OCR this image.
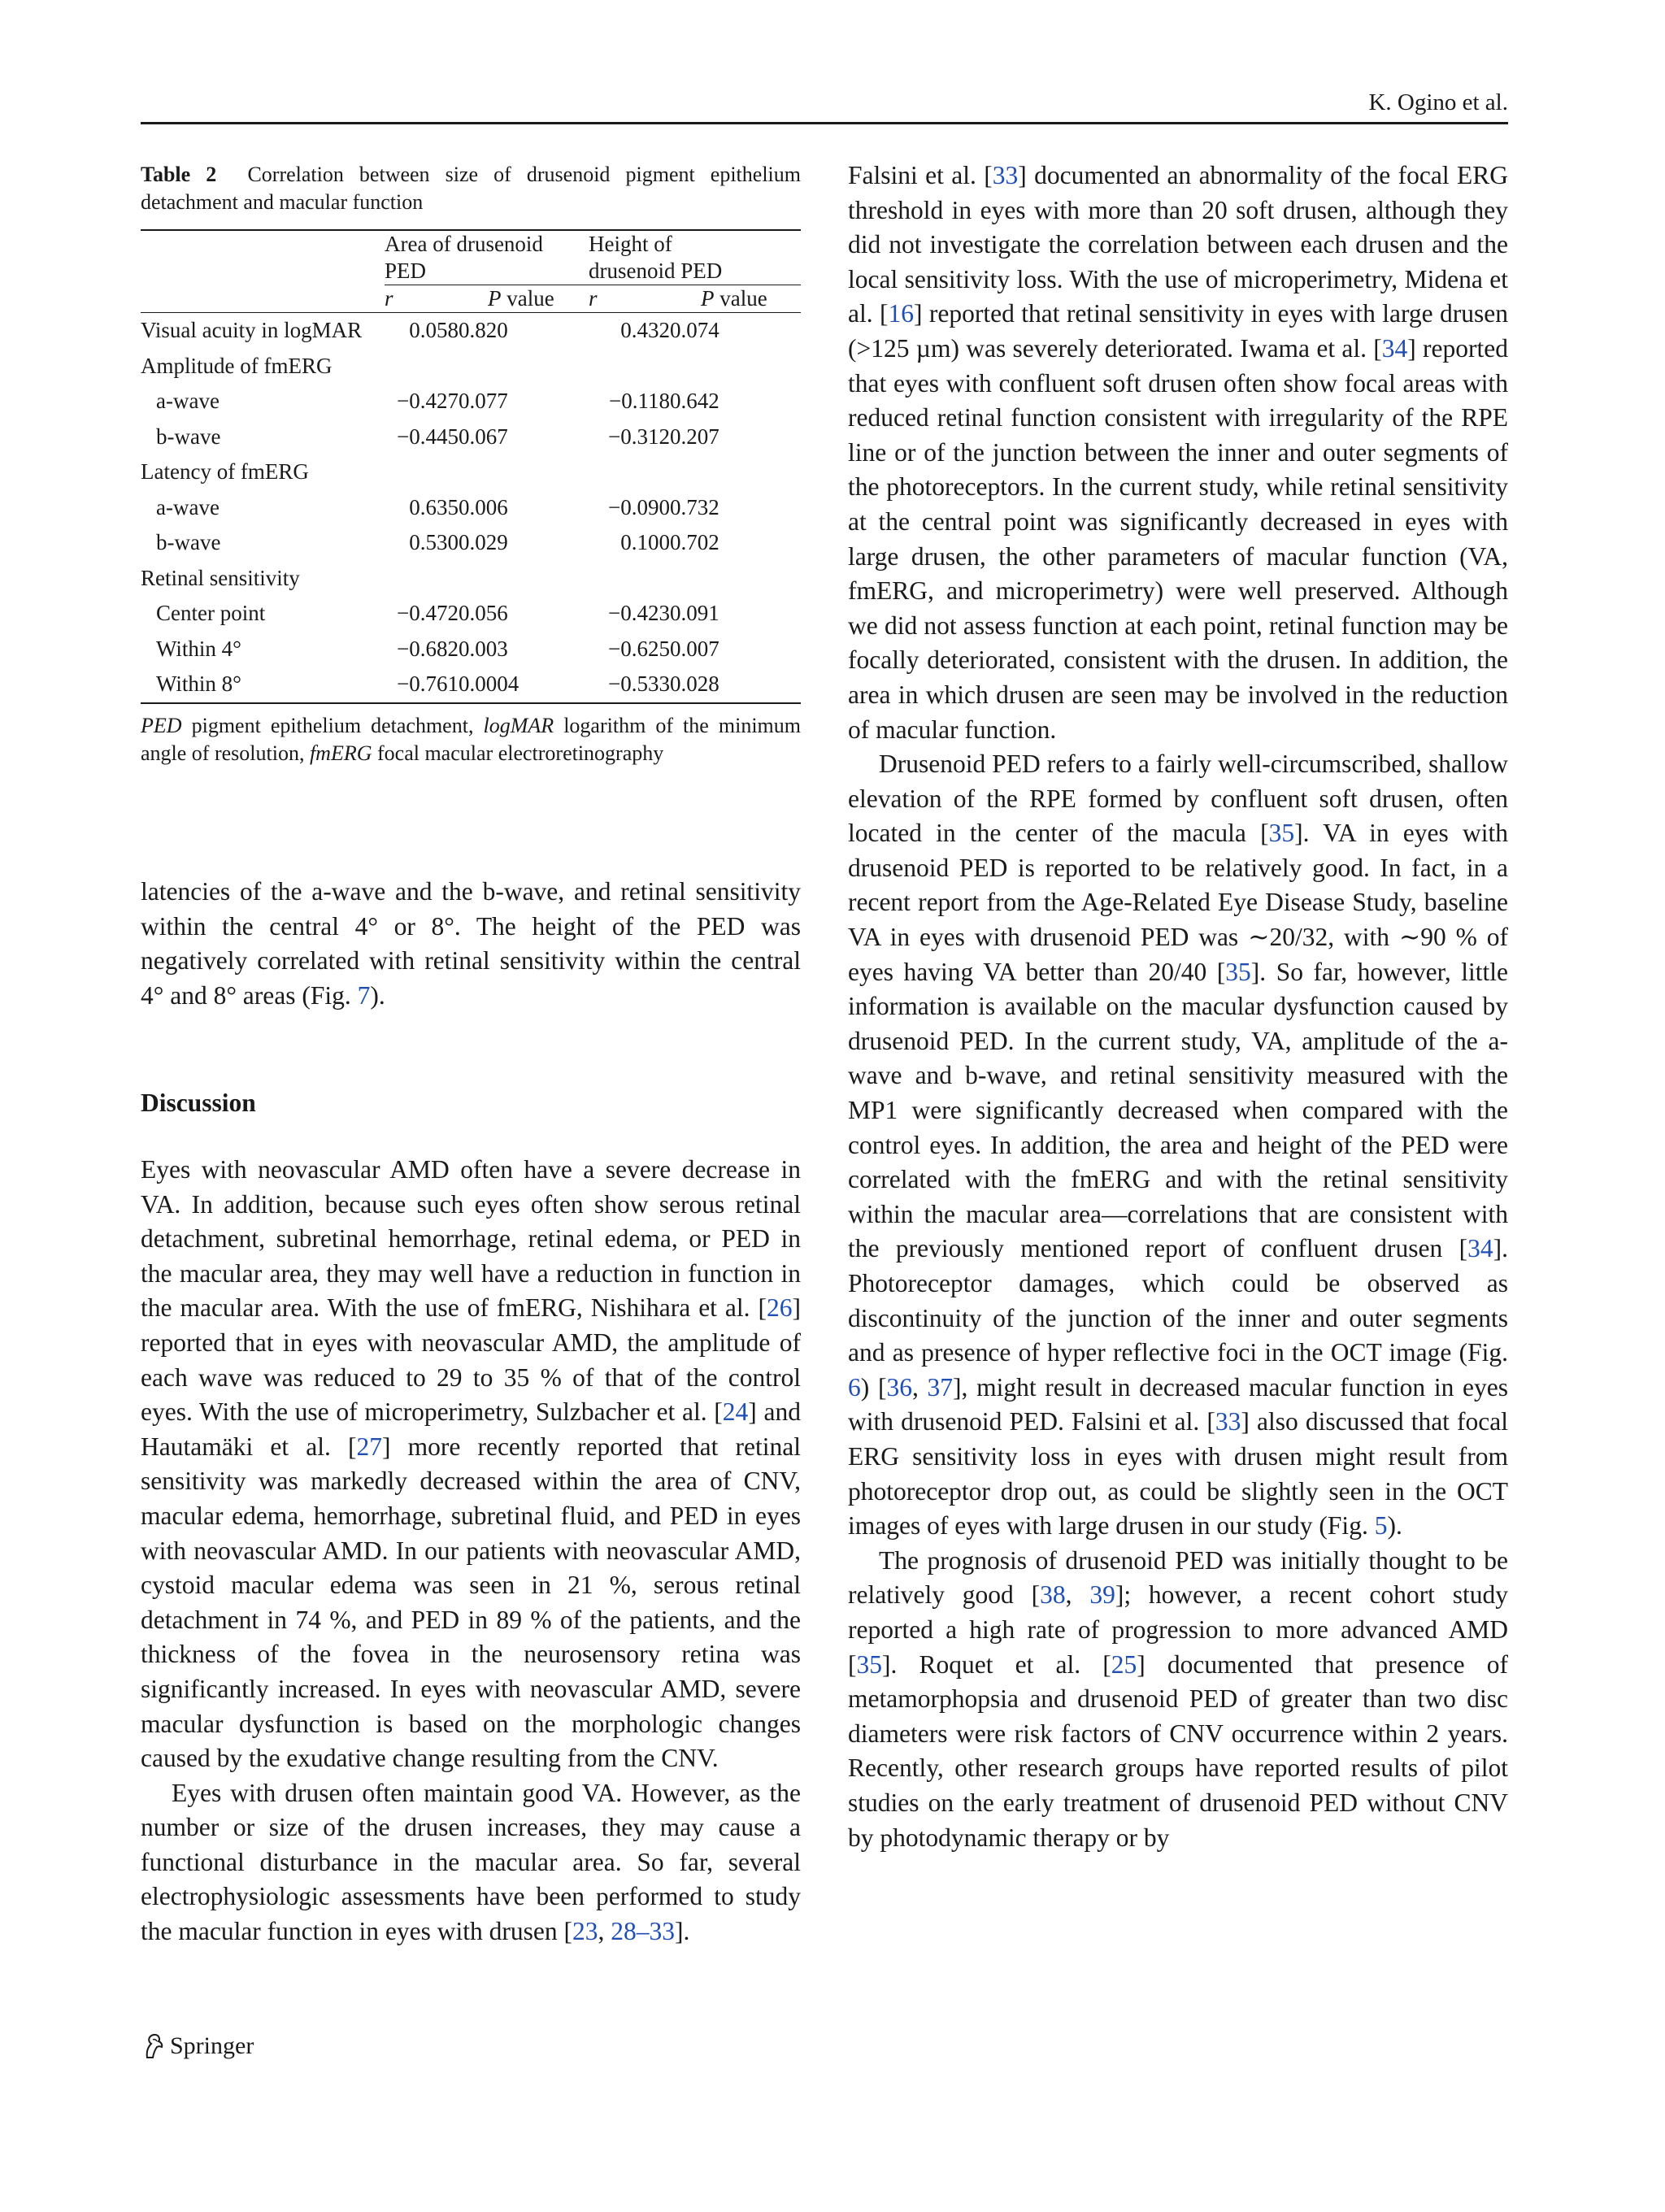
K. Ogino et al.
Table 2 Correlation between size of drusenoid pigment epithelium detachment and macular function

	Area of drusenoid
PED		Height of
drusenoid PED	
	r	P value	r	P value
Visual acuity in logMAR	0.058	0.820	0.432	0.074
Amplitude of fmERG				
a-wave	−0.427	0.077	−0.118	0.642
b-wave	−0.445	0.067	−0.312	0.207
Latency of fmERG				
a-wave	0.635	0.006	−0.090	0.732
b-wave	0.530	0.029	0.100	0.702
Retinal sensitivity				
Center point	−0.472	0.056	−0.423	0.091
Within 4°	−0.682	0.003	−0.625	0.007
Within 8°	−0.761	0.0004	−0.533	0.028
PED pigment epithelium detachment, logMAR logarithm of the minimum angle of resolution, fmERG focal macular electroretinography

latencies of the a-wave and the b-wave, and retinal sensitivity within the central 4° or 8°. The height of the PED was negatively correlated with retinal sensitivity within the central 4° and 8° areas (Fig. 7).

Discussion

Eyes with neovascular AMD often have a severe decrease in VA. In addition, because such eyes often show serous retinal detachment, subretinal hemorrhage, retinal edema, or PED in the macular area, they may well have a reduction in function in the macular area. With the use of fmERG, Nishihara et al. [26] reported that in eyes with neovascular AMD, the amplitude of each wave was reduced to 29 to 35 % of that of the control eyes. With the use of microperimetry, Sulzbacher et al. [24] and Hautamäki et al. [27] more recently reported that retinal sensitivity was markedly decreased within the area of CNV, macular edema, hemorrhage, subretinal fluid, and PED in eyes with neovascular AMD. In our patients with neovascular AMD, cystoid macular edema was seen in 21 %, serous retinal detachment in 74 %, and PED in 89 % of the patients, and the thickness of the fovea in the neurosensory retina was significantly increased. In eyes with neovascular AMD, severe macular dysfunction is based on the morphologic changes caused by the exudative change resulting from the CNV.

Eyes with drusen often maintain good VA. However, as the number or size of the drusen increases, they may cause a functional disturbance in the macular area. So far, several electrophysiologic assessments have been performed to study the macular function in eyes with drusen [23, 28–33].

Falsini et al. [33] documented an abnormality of the focal ERG threshold in eyes with more than 20 soft drusen, although they did not investigate the correlation between each drusen and the local sensitivity loss. With the use of microperimetry, Midena et al. [16] reported that retinal sensitivity in eyes with large drusen (>125 µm) was severely deteriorated. Iwama et al. [34] reported that eyes with confluent soft drusen often show focal areas with reduced retinal function consistent with irregularity of the RPE line or of the junction between the inner and outer segments of the photoreceptors. In the current study, while retinal sensitivity at the central point was significantly decreased in eyes with large drusen, the other parameters of macular function (VA, fmERG, and microperimetry) were well preserved. Although we did not assess function at each point, retinal function may be focally deteriorated, consistent with the drusen. In addition, the area in which drusen are seen may be involved in the reduction of macular function.

Drusenoid PED refers to a fairly well-circumscribed, shallow elevation of the RPE formed by confluent soft drusen, often located in the center of the macula [35]. VA in eyes with drusenoid PED is reported to be relatively good. In fact, in a recent report from the Age-Related Eye Disease Study, baseline VA in eyes with drusenoid PED was ∼20/32, with ∼90 % of eyes having VA better than 20/40 [35]. So far, however, little information is available on the macular dysfunction caused by drusenoid PED. In the current study, VA, amplitude of the a-wave and b-wave, and retinal sensitivity measured with the MP1 were significantly decreased when compared with the control eyes. In addition, the area and height of the PED were correlated with the fmERG and with the retinal sensitivity within the macular area—correlations that are consistent with the previously mentioned report of confluent drusen [34]. Photoreceptor damages, which could be observed as discontinuity of the junction of the inner and outer segments and as presence of hyper reflective foci in the OCT image (Fig. 6) [36, 37], might result in decreased macular function in eyes with drusenoid PED. Falsini et al. [33] also discussed that focal ERG sensitivity loss in eyes with drusen might result from photoreceptor drop out, as could be slightly seen in the OCT images of eyes with large drusen in our study (Fig. 5).

The prognosis of drusenoid PED was initially thought to be relatively good [38, 39]; however, a recent cohort study reported a high rate of progression to more advanced AMD [35]. Roquet et al. [25] documented that presence of metamorphopsia and drusenoid PED of greater than two disc diameters were risk factors of CNV occurrence within 2 years. Recently, other research groups have reported results of pilot studies on the early treatment of drusenoid PED without CNV by photodynamic therapy or by

Springer
